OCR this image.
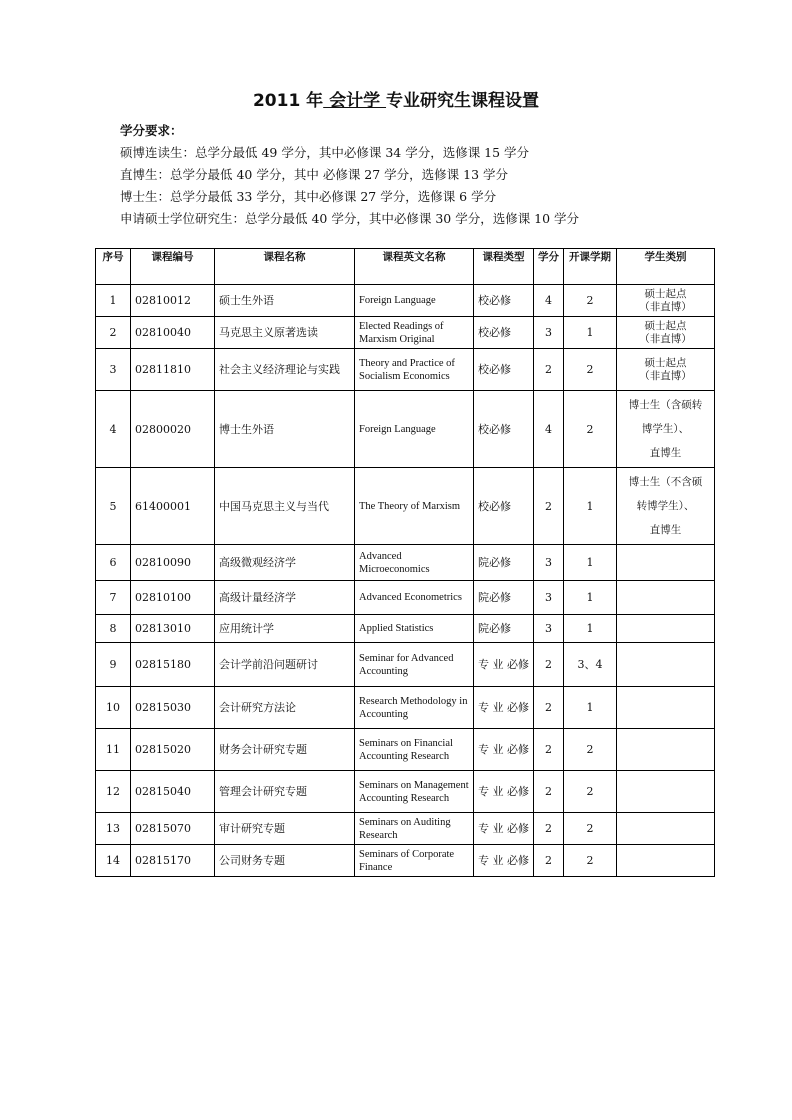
2011 年 会计学 专业研究生课程设置
学分要求：
硕博连读生：总学分最低 49 学分，其中必修课 34 学分，选修课 15 学分
直博生：总学分最低 40 学分，其中 必修课 27 学分，选修课 13 学分
博士生：总学分最低 33 学分，其中必修课 27 学分，选修课 6 学分
申请硕士学位研究生：总学分最低 40 学分，其中必修课 30 学分，选修课 10 学分
序号	课程编号	课程名称	课程英文名称	课程类型	学分	开课学期	学生类别
1	02810012	硕士生外语	Foreign Language	校必修	4	2	硕士起点
（非直博）

2	02810040	马克思主义原著选读	Elected Readings of Marxism Original	校必修	3	1	硕士起点
（非直博）

3	02811810	社会主义经济理论与实践	Theory and Practice of Socialism Economics	校必修	2	2	硕士起点
（非直博）

4	02800020	博士生外语	Foreign Language	校必修	4	2	博士生（含硕转
博学生）、
直博生

5	61400001	中国马克思主义与当代	The Theory of Marxism	校必修	2	1	博士生（不含硕
转博学生）、
直博生

6	02810090	高级微观经济学	Advanced Microeconomics	院必修	3	1	
7	02810100	高级计量经济学	Advanced Econometrics	院必修	3	1	
8	02813010	应用统计学	Applied Statistics	院必修	3	1	
9	02815180	会计学前沿问题研讨	Seminar for Advanced Accounting	专 业 必修	2	3、4	
10	02815030	会计研究方法论	Research Methodology in Accounting	专 业 必修	2	1	
11	02815020	财务会计研究专题	Seminars on Financial Accounting Research	专 业 必修	2	2	
12	02815040	管理会计研究专题	Seminars on Management Accounting Research	专 业 必修	2	2	
13	02815070	审计研究专题	Seminars on Auditing Research	专 业 必修	2	2	
14	02815170	公司财务专题	Seminars of Corporate Finance	专 业 必修	2	2	
